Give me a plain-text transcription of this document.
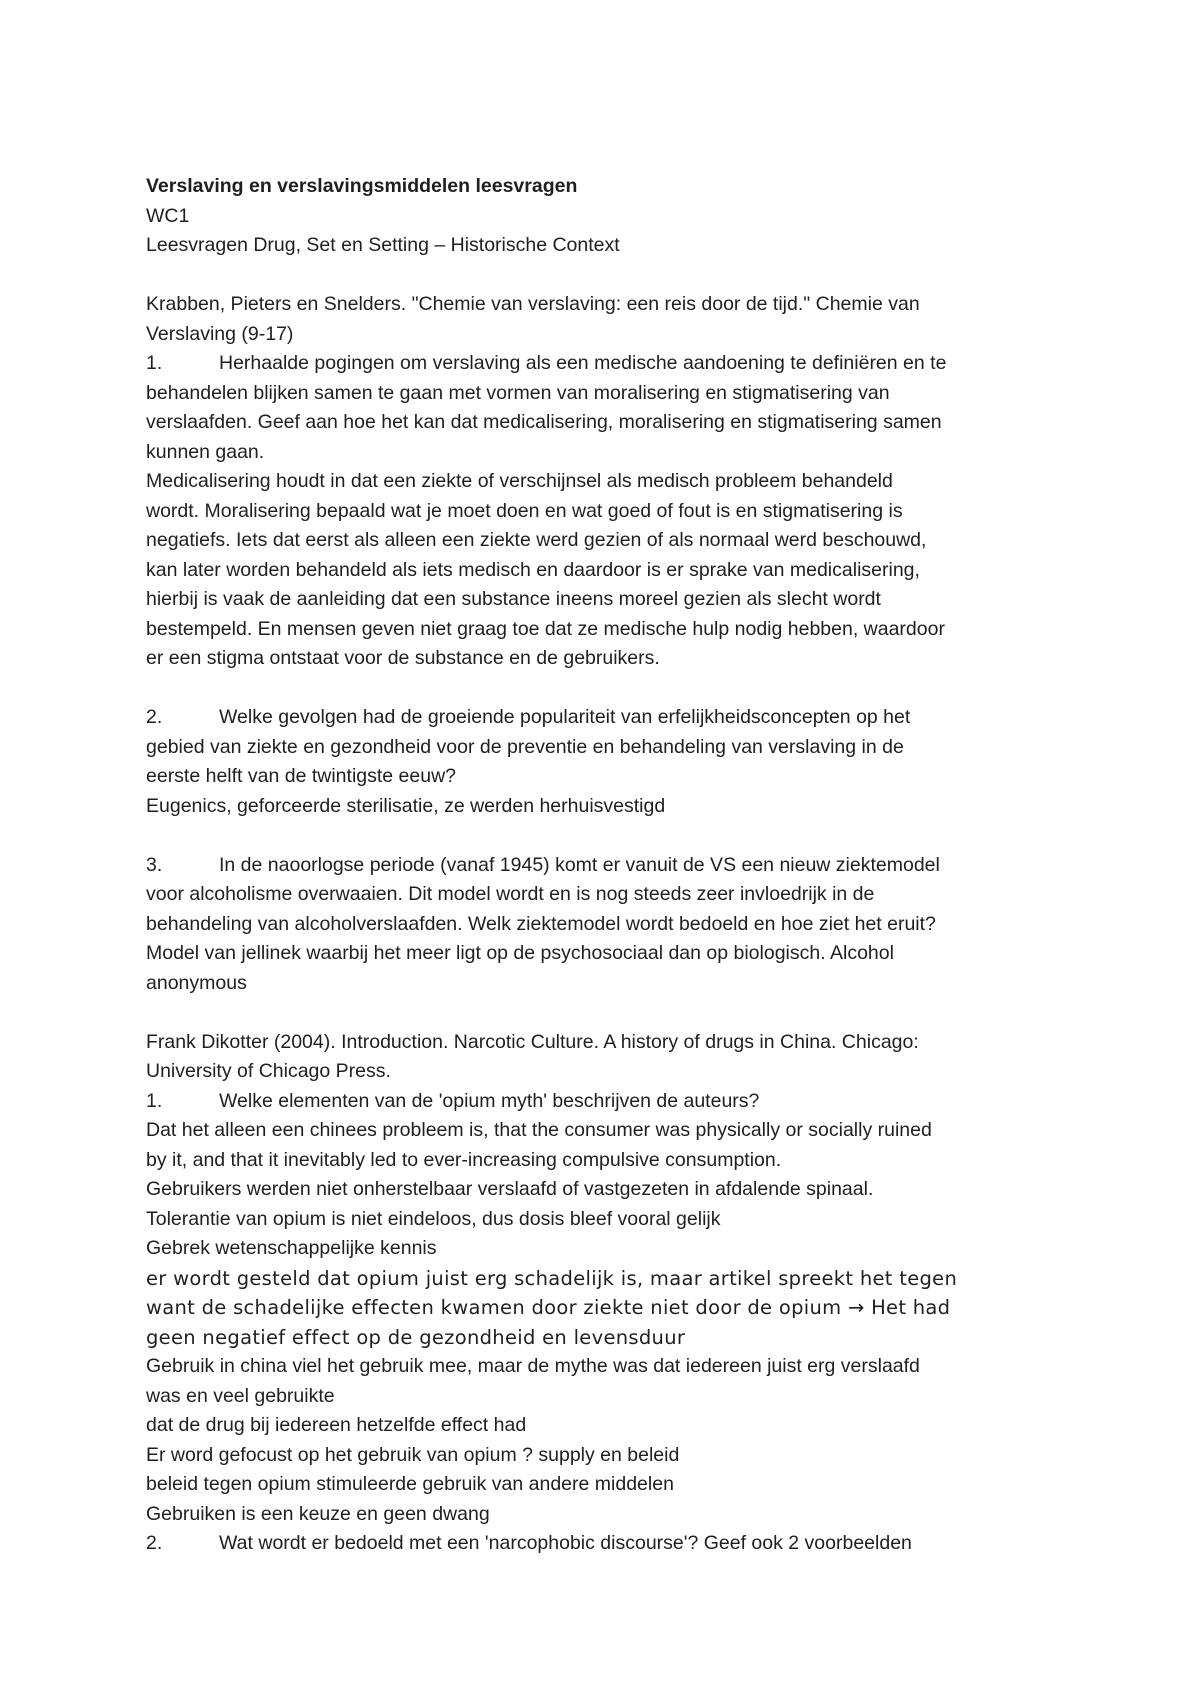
Verslaving en verslavingsmiddelen leesvragen
WC1
Leesvragen Drug, Set en Setting – Historische Context
Krabben, Pieters en Snelders. "Chemie van verslaving: een reis door de tijd." Chemie van
Verslaving (9-17)
1.	Herhaalde pogingen om verslaving als een medische aandoening te definiëren en te
behandelen blijken samen te gaan met vormen van moralisering en stigmatisering van
verslaafden. Geef aan hoe het kan dat medicalisering, moralisering en stigmatisering samen
kunnen gaan.
Medicalisering houdt in dat een ziekte of verschijnsel als medisch probleem behandeld
wordt. Moralisering bepaald wat je moet doen en wat goed of fout is en stigmatisering is
negatiefs. Iets dat eerst als alleen een ziekte werd gezien of als normaal werd beschouwd,
kan later worden behandeld als iets medisch en daardoor is er sprake van medicalisering,
hierbij is vaak de aanleiding dat een substance ineens moreel gezien als slecht wordt
bestempeld. En mensen geven niet graag toe dat ze medische hulp nodig hebben, waardoor
er een stigma ontstaat voor de substance en de gebruikers.
2.	Welke gevolgen had de groeiende populariteit van erfelijkheidsconcepten op het
gebied van ziekte en gezondheid voor de preventie en behandeling van verslaving in de
eerste helft van de twintigste eeuw?
Eugenics, geforceerde sterilisatie, ze werden herhuisvestigd
3.	In de naoorlogse periode (vanaf 1945) komt er vanuit de VS een nieuw ziektemodel
voor alcoholisme overwaaien. Dit model wordt en is nog steeds zeer invloedrijk in de
behandeling van alcoholverslaafden. Welk ziektemodel wordt bedoeld en hoe ziet het eruit?
Model van jellinek waarbij het meer ligt op de psychosociaal dan op biologisch. Alcohol
anonymous
Frank Dikotter (2004). Introduction. Narcotic Culture. A history of drugs in China. Chicago:
University of Chicago Press.
1.	Welke elementen van de 'opium myth' beschrijven de auteurs?
Dat het alleen een chinees probleem is, that the consumer was physically or socially ruined
by it, and that it inevitably led to ever-increasing compulsive consumption.
Gebruikers werden niet onherstelbaar verslaafd of vastgezeten in afdalende spinaal.
Tolerantie van opium is niet eindeloos, dus dosis bleef vooral gelijk
Gebrek wetenschappelijke kennis
er wordt gesteld dat opium juist erg schadelijk is, maar artikel spreekt het tegen
want de schadelijke effecten kwamen door ziekte niet door de opium → Het had
geen negatief effect op de gezondheid en levensduur
Gebruik in china viel het gebruik mee, maar de mythe was dat iedereen juist erg verslaafd
was en veel gebruikte
dat de drug bij iedereen hetzelfde effect had
Er word gefocust op het gebruik van opium ? supply en beleid
beleid tegen opium stimuleerde gebruik van andere middelen
Gebruiken is een keuze en geen dwang
2.	Wat wordt er bedoeld met een 'narcophobic discourse'? Geef ook 2 voorbeelden
